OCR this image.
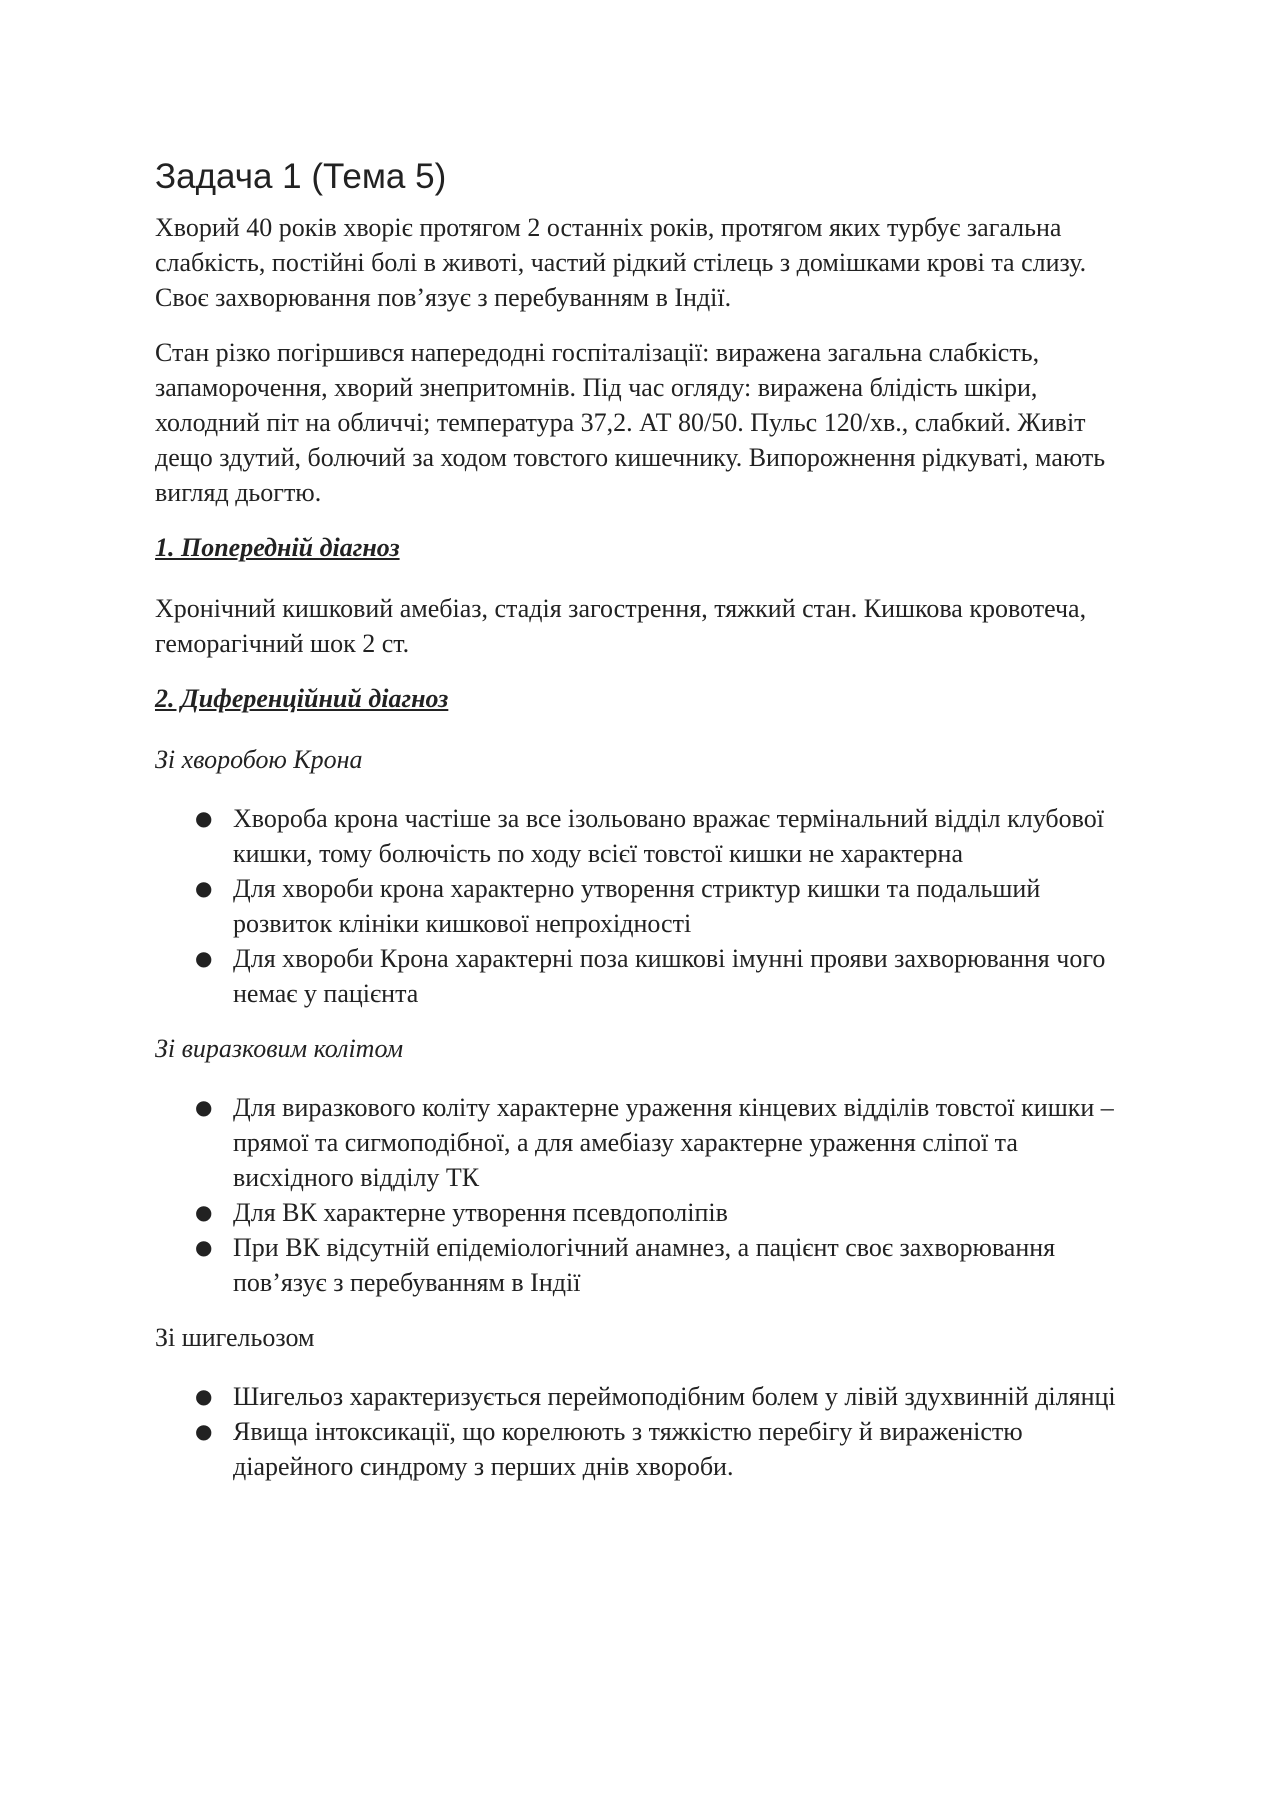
Задача 1 (Тема 5)

Хворий 40 років хворіє протягом 2 останніх років, протягом яких турбує загальна слабкість, постійні болі в животі, частий рідкий стілець з домішками крові та слизу. Своє захворювання пов’язує з перебуванням в Індії.

Стан різко погіршився напередодні госпіталізації: виражена загальна слабкість, запаморочення, хворий знепритомнів. Під час огляду: виражена блідість шкіри, холодний піт на обличчі; температура 37,2. АТ 80/50. Пульс 120/хв., слабкий. Живіт дещо здутий, болючий за ходом товстого кишечнику. Випорожнення рідкуваті, мають вигляд дьогтю.

1. Попередній діагноз

Хронічний кишковий амебіаз, стадія загострення, тяжкий стан. Кишкова кровотеча, геморагічний шок 2 ст.

2. Диференційний діагноз

Зі хворобою Крона

● Хвороба крона частіше за все ізольовано вражає термінальний відділ клубової кишки, тому болючість по ходу всієї товстої кишки не характерна
● Для хвороби крона характерно утворення стриктур кишки та подальший розвиток клініки кишкової непрохідності
● Для хвороби Крона характерні поза кишкові імунні прояви захворювання чого немає у пацієнта

Зі виразковим колітом

● Для виразкового коліту характерне ураження кінцевих відділів товстої кишки – прямої та сигмоподібної, а для амебіазу характерне ураження сліпої та висхідного відділу ТК
● Для ВК характерне утворення псевдополіпів
● При ВК відсутній епідеміологічний анамнез, а пацієнт своє захворювання пов’язує з перебуванням в Індії

Зі шигельозом

● Шигельоз характеризується переймоподібним болем у лівій здухвинній ділянці
● Явища інтоксикації, що корелюють з тяжкістю перебігу й вираженістю діарейного синдрому з перших днів хвороби.
